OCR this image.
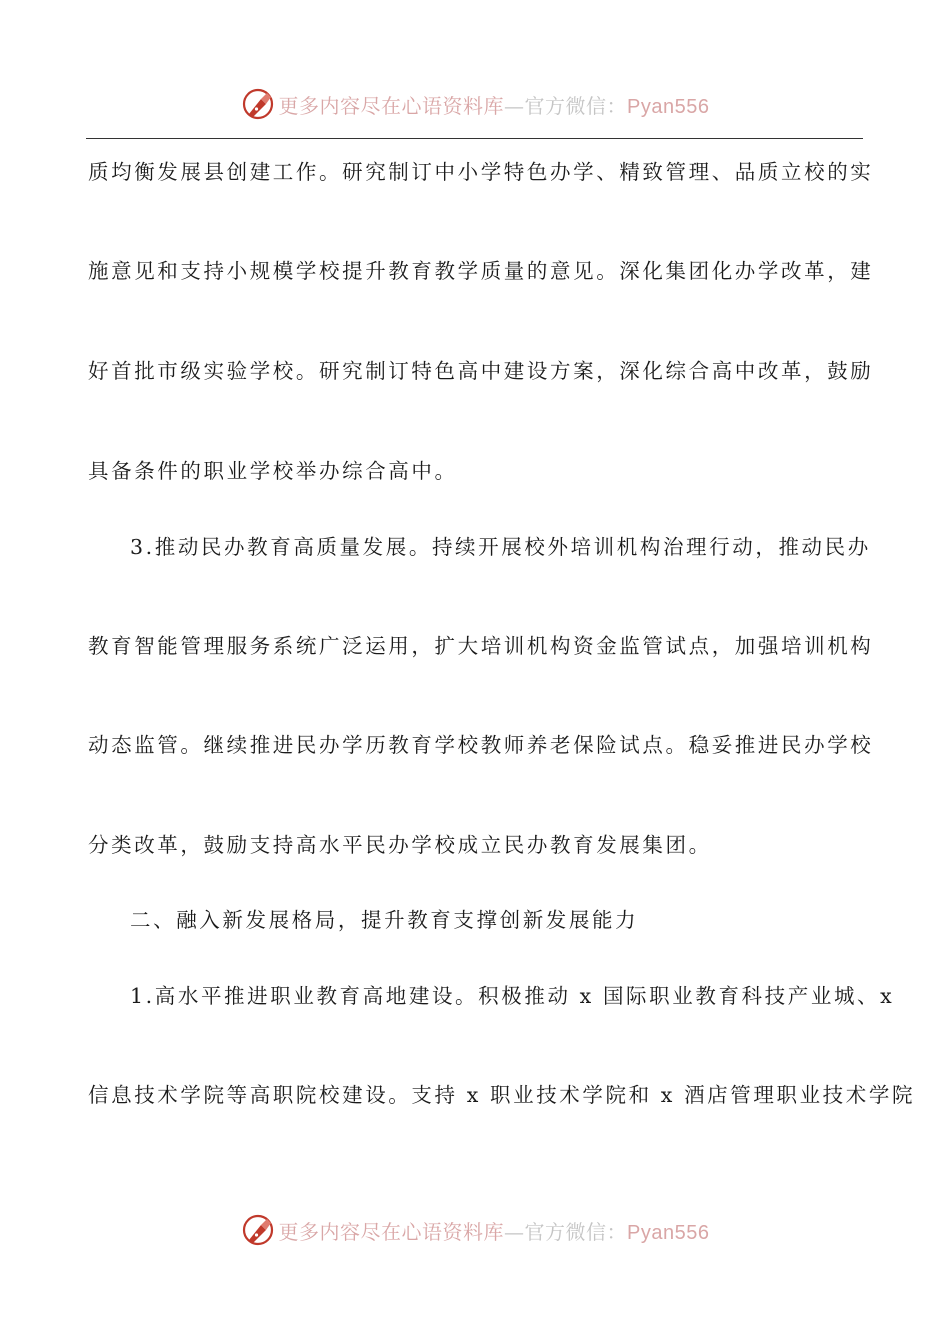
更多内容尽在心语资料库—官方微信：Pyan556
质均衡发展县创建工作。研究制订中小学特色办学、精致管理、品质立校的实
施意见和支持小规模学校提升教育教学质量的意见。深化集团化办学改革，建
好首批市级实验学校。研究制订特色高中建设方案，深化综合高中改革，鼓励
具备条件的职业学校举办综合高中。
3.推动民办教育高质量发展。持续开展校外培训机构治理行动，推动民办
教育智能管理服务系统广泛运用，扩大培训机构资金监管试点，加强培训机构
动态监管。继续推进民办学历教育学校教师养老保险试点。稳妥推进民办学校
分类改革，鼓励支持高水平民办学校成立民办教育发展集团。
二、融入新发展格局，提升教育支撑创新发展能力
1.高水平推进职业教育高地建设。积极推动 x 国际职业教育科技产业城、x
信息技术学院等高职院校建设。支持 x 职业技术学院和 x 酒店管理职业技术学院
更多内容尽在心语资料库—官方微信：Pyan556
